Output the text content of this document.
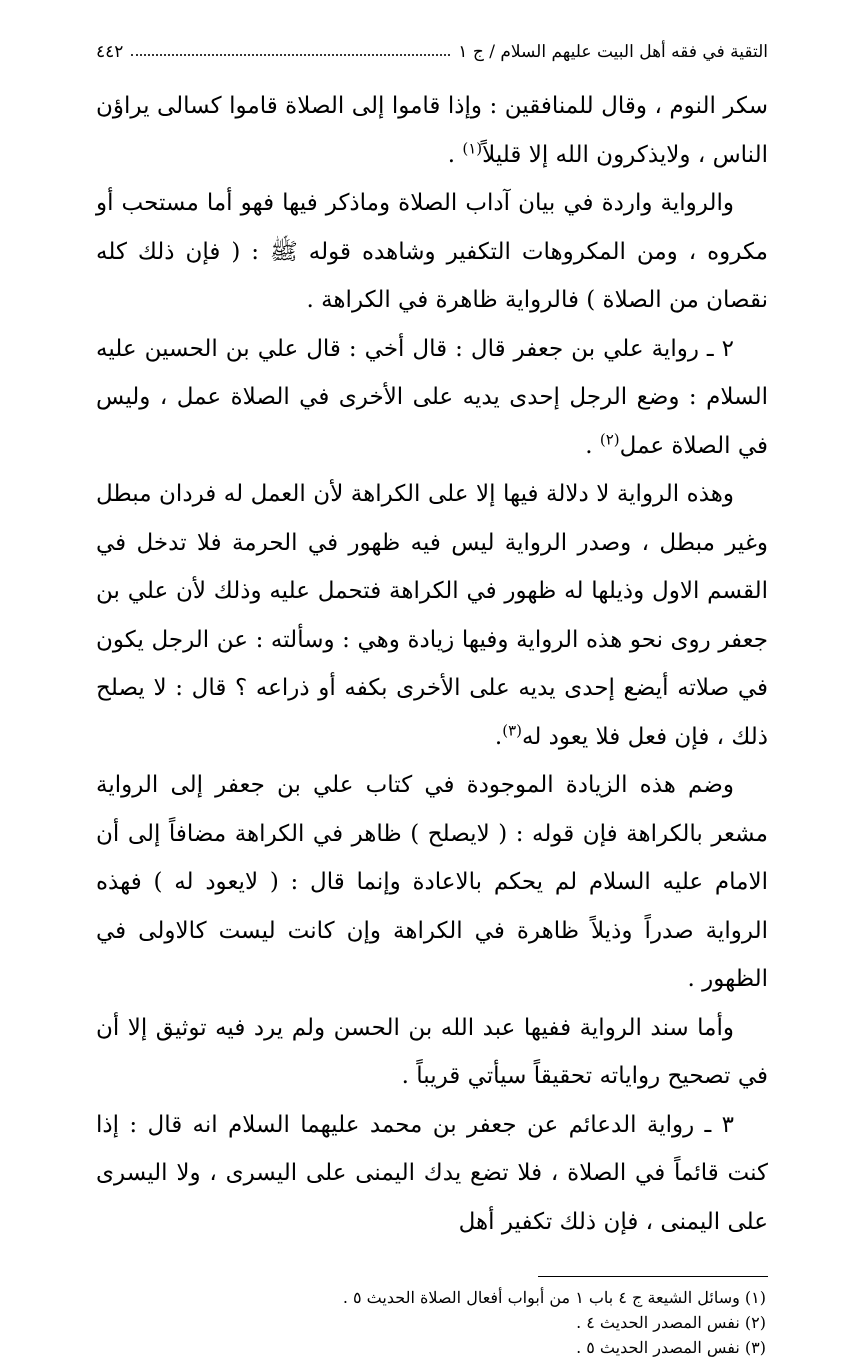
التقية في فقه أهل البيت عليهم السلام / ج ١
٤٤٢

سكر النوم ، وقال للمنافقين : وإذا قاموا إلى الصلاة قاموا كسالى يراؤن الناس ، ولايذكرون الله إلا قليلاً$^{(١)}$ .

والرواية واردة في بيان آداب الصلاة وماذكر فيها فهو أما مستحب أو مكروه ، ومن المكروهات التكفير وشاهده قوله ﷺ : ( فإن ذلك كله نقصان من الصلاة ) فالرواية ظاهرة في الكراهة .

٢ ـ رواية علي بن جعفر قال : قال أخي : قال علي بن الحسين عليه السلام : وضع الرجل إحدى يديه على الأخرى في الصلاة عمل ، وليس في الصلاة عمل$^{(٢)}$ .

وهذه الرواية لا دلالة فيها إلا على الكراهة لأن العمل له فردان مبطل وغير مبطل ، وصدر الرواية ليس فيه ظهور في الحرمة فلا تدخل في القسم الاول وذيلها له ظهور في الكراهة فتحمل عليه وذلك لأن علي بن جعفر روى نحو هذه الرواية وفيها زيادة وهي : وسألته : عن الرجل يكون في صلاته أيضع إحدى يديه على الأخرى بكفه أو ذراعه ؟ قال : لا يصلح ذلك ، فإن فعل فلا يعود له$^{(٣)}$.

وضم هذه الزيادة الموجودة في كتاب علي بن جعفر إلى الرواية مشعر بالكراهة فإن قوله : ( لايصلح ) ظاهر في الكراهة مضافاً إلى أن الامام عليه السلام لم يحكم بالاعادة وإنما قال : ( لايعود له ) فهذه الرواية صدراً وذيلاً ظاهرة في الكراهة وإن كانت ليست كالاولى في الظهور .

وأما سند الرواية ففيها عبد الله بن الحسن ولم يرد فيه توثيق إلا أن في تصحيح رواياته تحقيقاً سيأتي قريباً .

٣ ـ رواية الدعائم عن جعفر بن محمد عليهما السلام انه قال : إذا كنت قائماً في الصلاة ، فلا تضع يدك اليمنى على اليسرى ، ولا اليسرى على اليمنى ، فإن ذلك تكفير أهل

(١) وسائل الشيعة ج ٤ باب ١ من أبواب أفعال الصلاة الحديث ٥ .
(٢) نفس المصدر الحديث ٤ .
(٣) نفس المصدر الحديث ٥ .
